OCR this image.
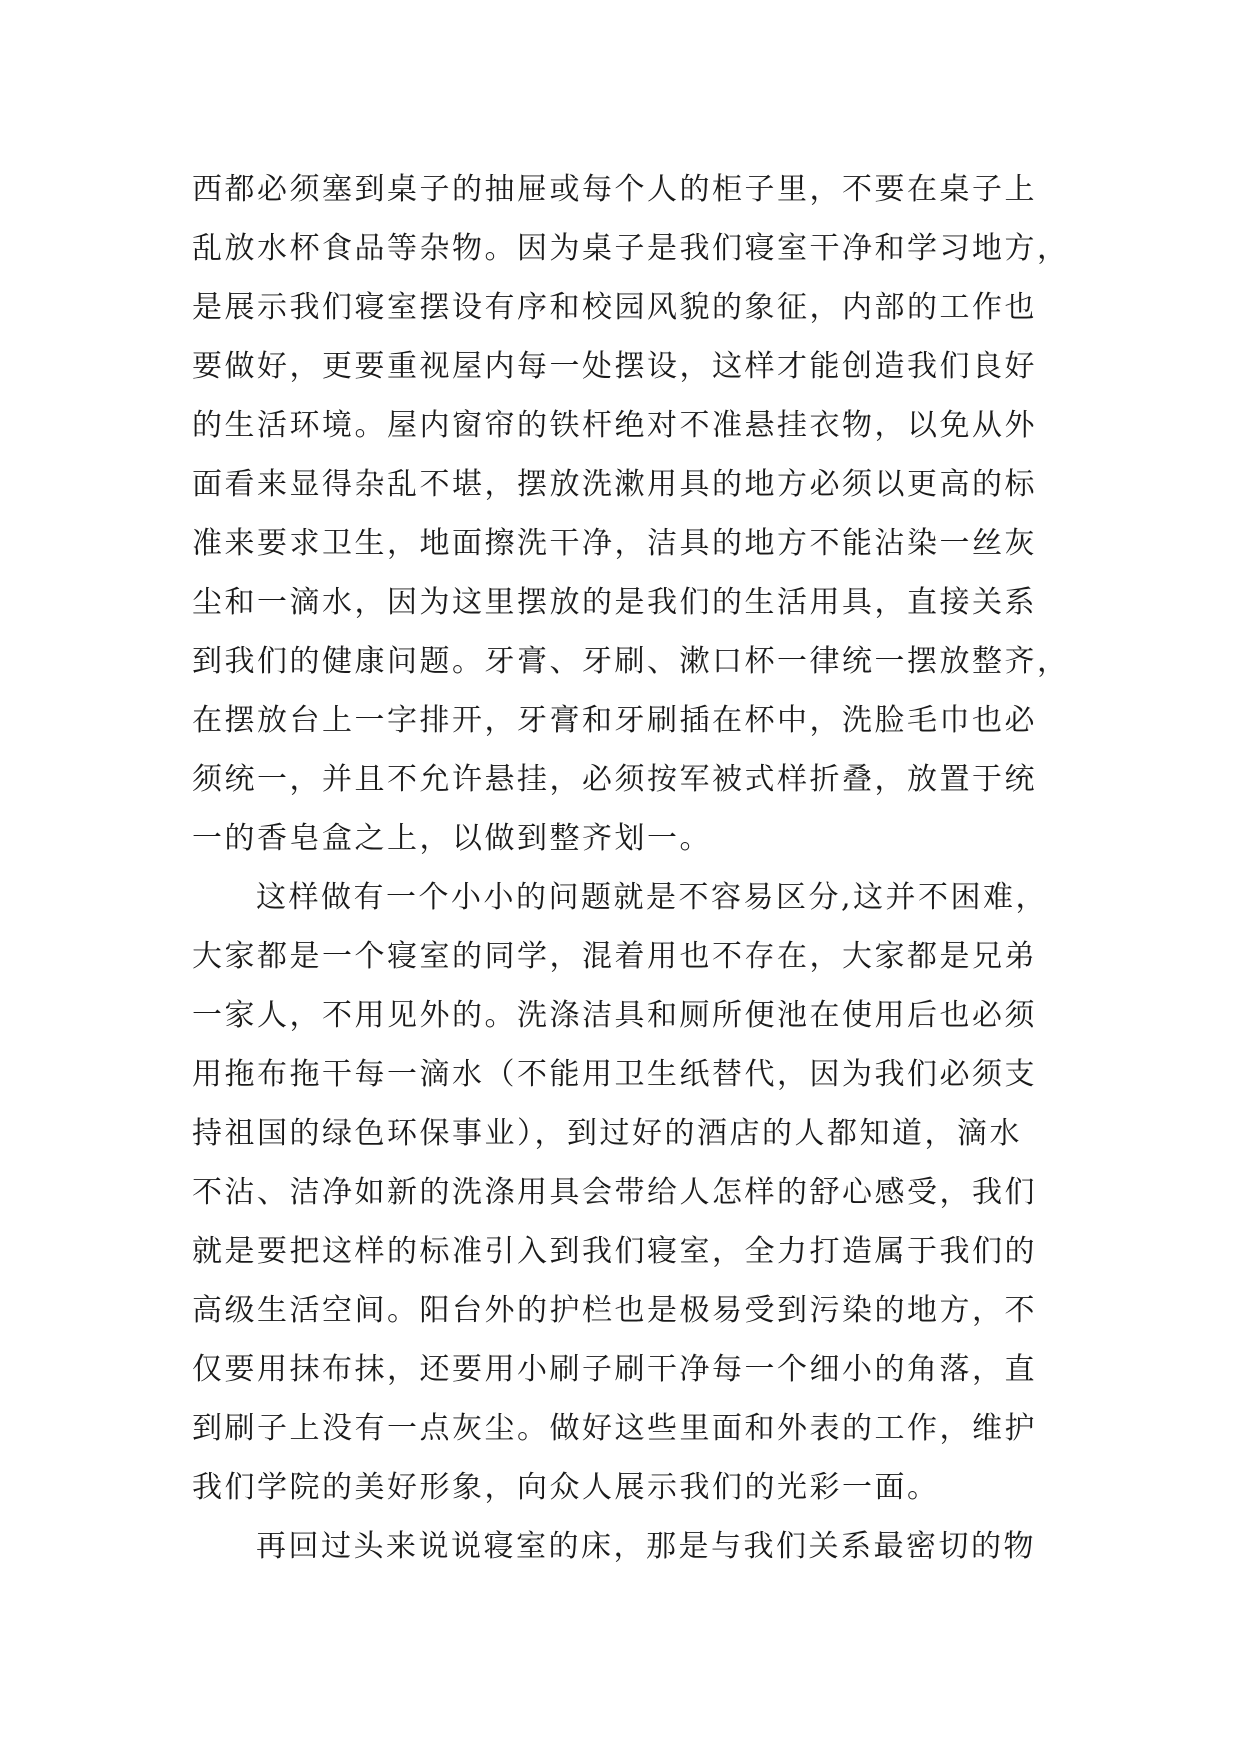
西都必须塞到桌子的抽屉或每个人的柜子里，不要在桌子上
乱放水杯食品等杂物。因为桌子是我们寝室干净和学习地方，
是展示我们寝室摆设有序和校园风貌的象征，内部的工作也
要做好，更要重视屋内每一处摆设，这样才能创造我们良好
的生活环境。屋内窗帘的铁杆绝对不准悬挂衣物，以免从外
面看来显得杂乱不堪，摆放洗漱用具的地方必须以更高的标
准来要求卫生，地面擦洗干净，洁具的地方不能沾染一丝灰
尘和一滴水，因为这里摆放的是我们的生活用具，直接关系
到我们的健康问题。牙膏、牙刷、漱口杯一律统一摆放整齐，
在摆放台上一字排开，牙膏和牙刷插在杯中，洗脸毛巾也必
须统一，并且不允许悬挂，必须按军被式样折叠，放置于统
一的香皂盒之上，以做到整齐划一。
这样做有一个小小的问题就是不容易区分,这并不困难，
大家都是一个寝室的同学，混着用也不存在，大家都是兄弟
一家人，不用见外的。洗涤洁具和厕所便池在使用后也必须
用拖布拖干每一滴水（不能用卫生纸替代，因为我们必须支
持祖国的绿色环保事业），到过好的酒店的人都知道，滴水
不沾、洁净如新的洗涤用具会带给人怎样的舒心感受，我们
就是要把这样的标准引入到我们寝室，全力打造属于我们的
高级生活空间。阳台外的护栏也是极易受到污染的地方，不
仅要用抹布抹，还要用小刷子刷干净每一个细小的角落，直
到刷子上没有一点灰尘。做好这些里面和外表的工作，维护
我们学院的美好形象，向众人展示我们的光彩一面。
再回过头来说说寝室的床，那是与我们关系最密切的物
